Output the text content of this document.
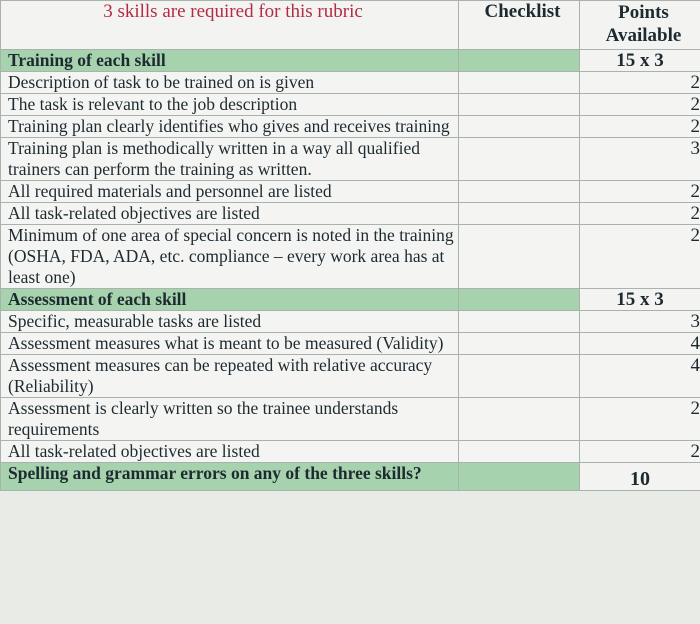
3 skills are required for this rubric	Checklist	Points Available
Training of each skill		15 x 3
Description of task to be trained on is given		2
The task is relevant to the job description		2
Training plan clearly identifies who gives and receives training		2
Training plan is methodically written in a way all qualified trainers can perform the training as written.		3
All required materials and personnel are listed		2
All task-related objectives are listed		2
Minimum of one area of special concern is noted in the training (OSHA, FDA, ADA, etc. compliance – every work area has at least one)		2
Assessment of each skill		15 x 3
Specific, measurable tasks are listed		3
Assessment measures what is meant to be measured (Validity)		4
Assessment measures can be repeated with relative accuracy (Reliability)		4
Assessment is clearly written so the trainee understands requirements		2
All task-related objectives are listed		2
Spelling and grammar errors on any of the three skills?		10
